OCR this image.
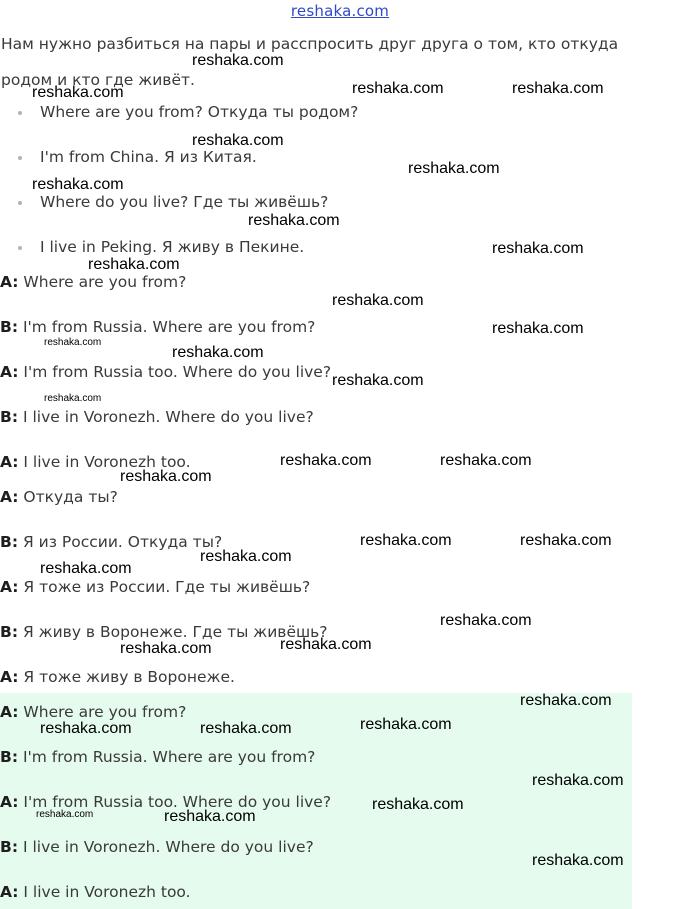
reshaka.com
Нам нужно разбиться на пары и расспросить друг друга о том, кто откуда родом и кто где живёт.
Where are you from? Откуда ты родом?
I'm from China. Я из Китая.
Where do you live? Где ты живёшь?
I live in Peking. Я живу в Пекине.
A: Where are you from?
B: I'm from Russia. Where are you from?
A: I'm from Russia too. Where do you live?
B: I live in Voronezh. Where do you live?
A: I live in Voronezh too.
A: Откуда ты?
B: Я из России. Откуда ты?
A: Я тоже из России. Где ты живёшь?
B: Я живу в Воронеже. Где ты живёшь?
A: Я тоже живу в Воронеже.
A: Where are you from?
B: I'm from Russia. Where are you from?
A: I'm from Russia too. Where do you live?
B: I live in Voronezh. Where do you live?
A: I live in Voronezh too.
reshaka.com
reshaka.com	reshaka.com	reshaka.com
reshaka.com
reshaka.com
reshaka.com
reshaka.com
reshaka.com
reshaka.com
reshaka.com
reshaka.com
reshaka.com
reshaka.com
reshaka.com
reshaka.com
reshaka.com	reshaka.com
reshaka.com
reshaka.com	reshaka.com
reshaka.com
reshaka.com
reshaka.com
reshaka.com
reshaka.com
reshaka.com
reshaka.com
reshaka.com	reshaka.com
reshaka.com
reshaka.com
reshaka.com	reshaka.com
reshaka.com
